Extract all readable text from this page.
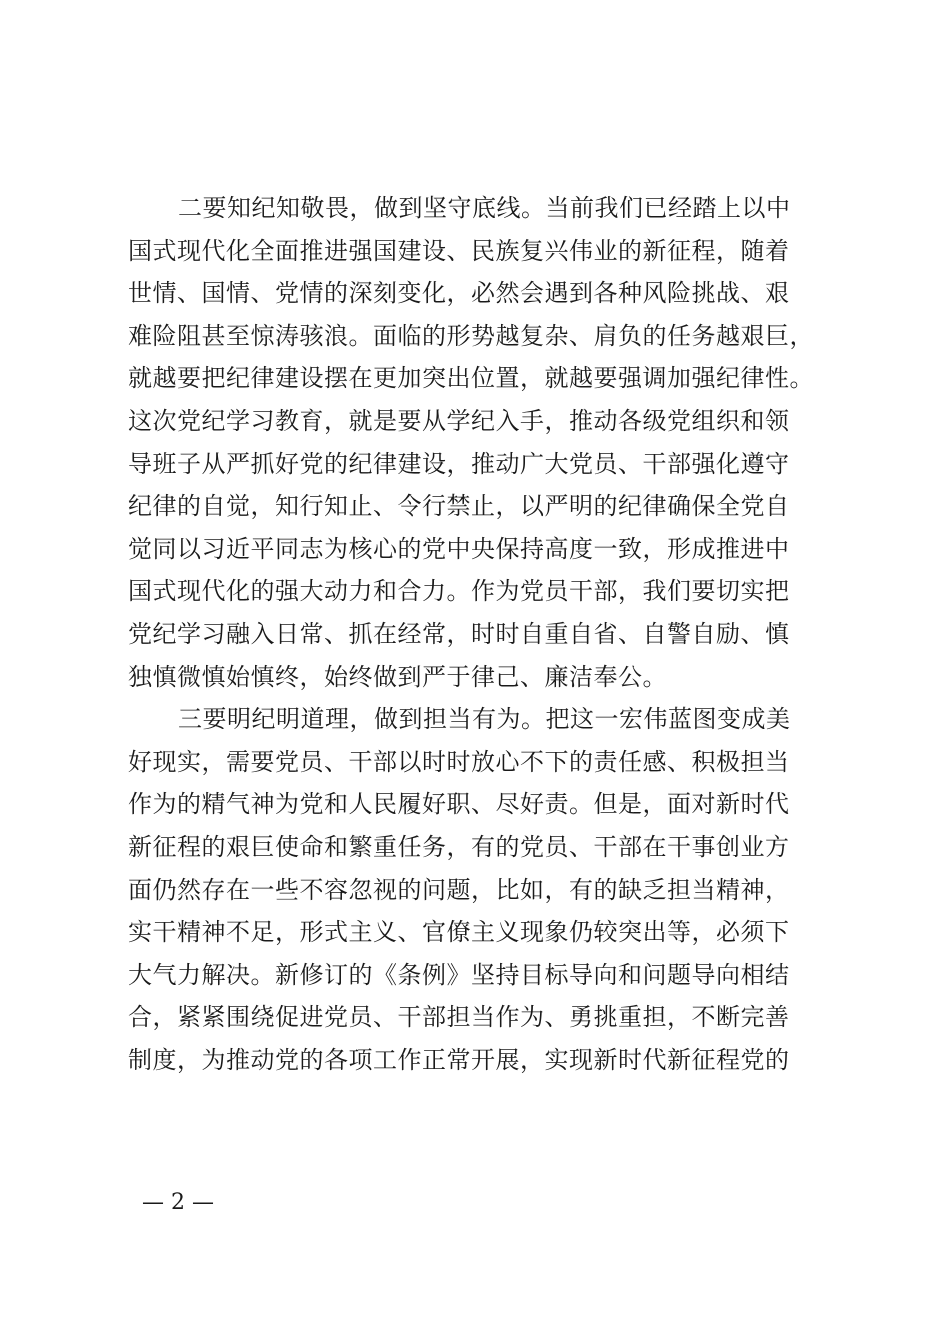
二要知纪知敬畏，做到坚守底线。当前我们已经踏上以中
国式现代化全面推进强国建设、民族复兴伟业的新征程，随着
世情、国情、党情的深刻变化，必然会遇到各种风险挑战、艰
难险阻甚至惊涛骇浪。面临的形势越复杂、肩负的任务越艰巨，
就越要把纪律建设摆在更加突出位置，就越要强调加强纪律性。
这次党纪学习教育，就是要从学纪入手，推动各级党组织和领
导班子从严抓好党的纪律建设，推动广大党员、干部强化遵守
纪律的自觉，知行知止、令行禁止，以严明的纪律确保全党自
觉同以习近平同志为核心的党中央保持高度一致，形成推进中
国式现代化的强大动力和合力。作为党员干部，我们要切实把
党纪学习融入日常、抓在经常，时时自重自省、自警自励、慎
独慎微慎始慎终，始终做到严于律己、廉洁奉公。
三要明纪明道理，做到担当有为。把这一宏伟蓝图变成美
好现实，需要党员、干部以时时放心不下的责任感、积极担当
作为的精气神为党和人民履好职、尽好责。但是，面对新时代
新征程的艰巨使命和繁重任务，有的党员、干部在干事创业方
面仍然存在一些不容忽视的问题，比如，有的缺乏担当精神，
实干精神不足，形式主义、官僚主义现象仍较突出等，必须下
大气力解决。新修订的《条例》坚持目标导向和问题导向相结
合，紧紧围绕促进党员、干部担当作为、勇挑重担，不断完善
制度，为推动党的各项工作正常开展，实现新时代新征程党的
— 2 —
